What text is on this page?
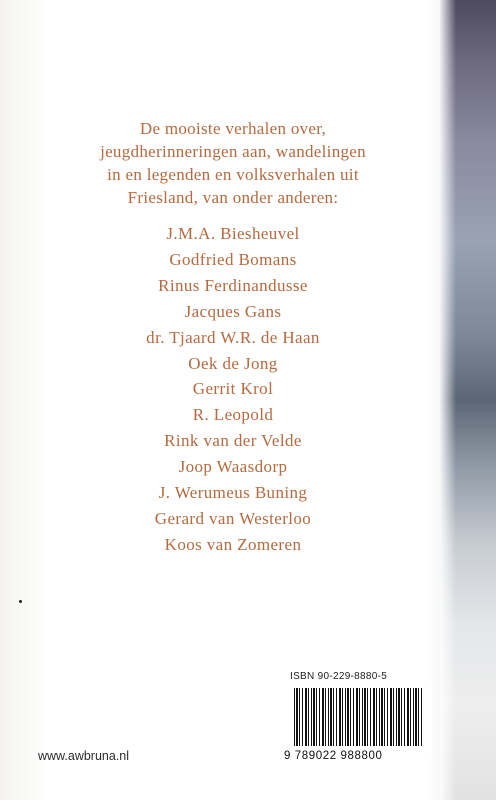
De mooiste verhalen over,
jeugdherinneringen aan, wandelingen
in en legenden en volksverhalen uit
Friesland, van onder anderen:
J.M.A. Biesheuvel
Godfried Bomans
Rinus Ferdinandusse
Jacques Gans
dr. Tjaard W.R. de Haan
Oek de Jong
Gerrit Krol
R. Leopold
Rink van der Velde
Joop Waasdorp
J. Werumeus Buning
Gerard van Westerloo
Koos van Zomeren
www.awbruna.nl
ISBN 90-229-8880-5
9 789022 988800
